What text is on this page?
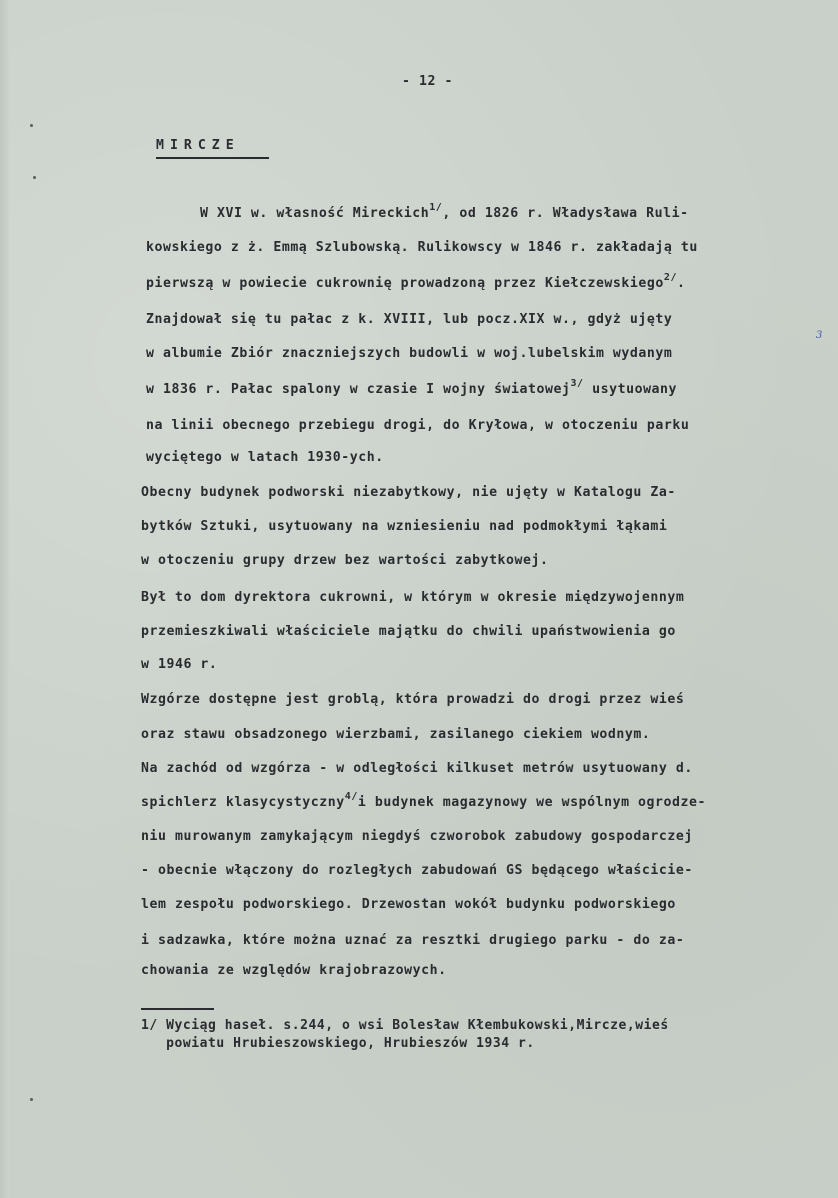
- 12 -
MIRCZE
W XVI w. własność Mireckich$^{1/}$, od 1826 r. Władysława Ruli-
kowskiego z ż. Emmą Szlubowską. Rulikowscy w 1846 r. zakładają tu
pierwszą w powiecie cukrownię prowadzoną przez Kiełczewskiego$^{2/}$.
Znajdował się tu pałac z k. XVIII, lub pocz.XIX w., gdyż ujęty
w albumie Zbiór znaczniejszych budowli w woj.lubelskim wydanym
w 1836 r. Pałac spalony w czasie I wojny światowej$^{3/}$ usytuowany
na linii obecnego przebiegu drogi, do Kryłowa, w otoczeniu parku
wyciętego w latach 1930-ych.
Obecny budynek podworski niezabytkowy, nie ujęty w Katalogu Za-
bytków Sztuki, usytuowany na wzniesieniu nad podmokłymi łąkami
w otoczeniu grupy drzew bez wartości zabytkowej.
Był to dom dyrektora cukrowni, w którym w okresie międzywojennym
przemieszkiwali właściciele majątku do chwili upaństwowienia go
w 1946 r.
Wzgórze dostępne jest groblą, która prowadzi do drogi przez wieś
oraz stawu obsadzonego wierzbami, zasilanego ciekiem wodnym.
Na zachód od wzgórza - w odległości kilkuset metrów usytuowany d.
spichlerz klasycystyczny$^{4/}$i budynek magazynowy we wspólnym ogrodze-
niu murowanym zamykającym niegdyś czworobok zabudowy gospodarczej
- obecnie włączony do rozległych zabudowań GS będącego właściciе-
lem zespołu podworskiego. Drzewostan wokół budynku podworskiego
i sadzawka, które można uznać za resztki drugiego parku - do za-
chowania ze względów krajobrazowych.
3
1/ Wyciąg haseł. s.244, o wsi Bolesław Kłembukowski,Mircze,wieś
powiatu Hrubieszowskiego, Hrubieszów 1934 r.
